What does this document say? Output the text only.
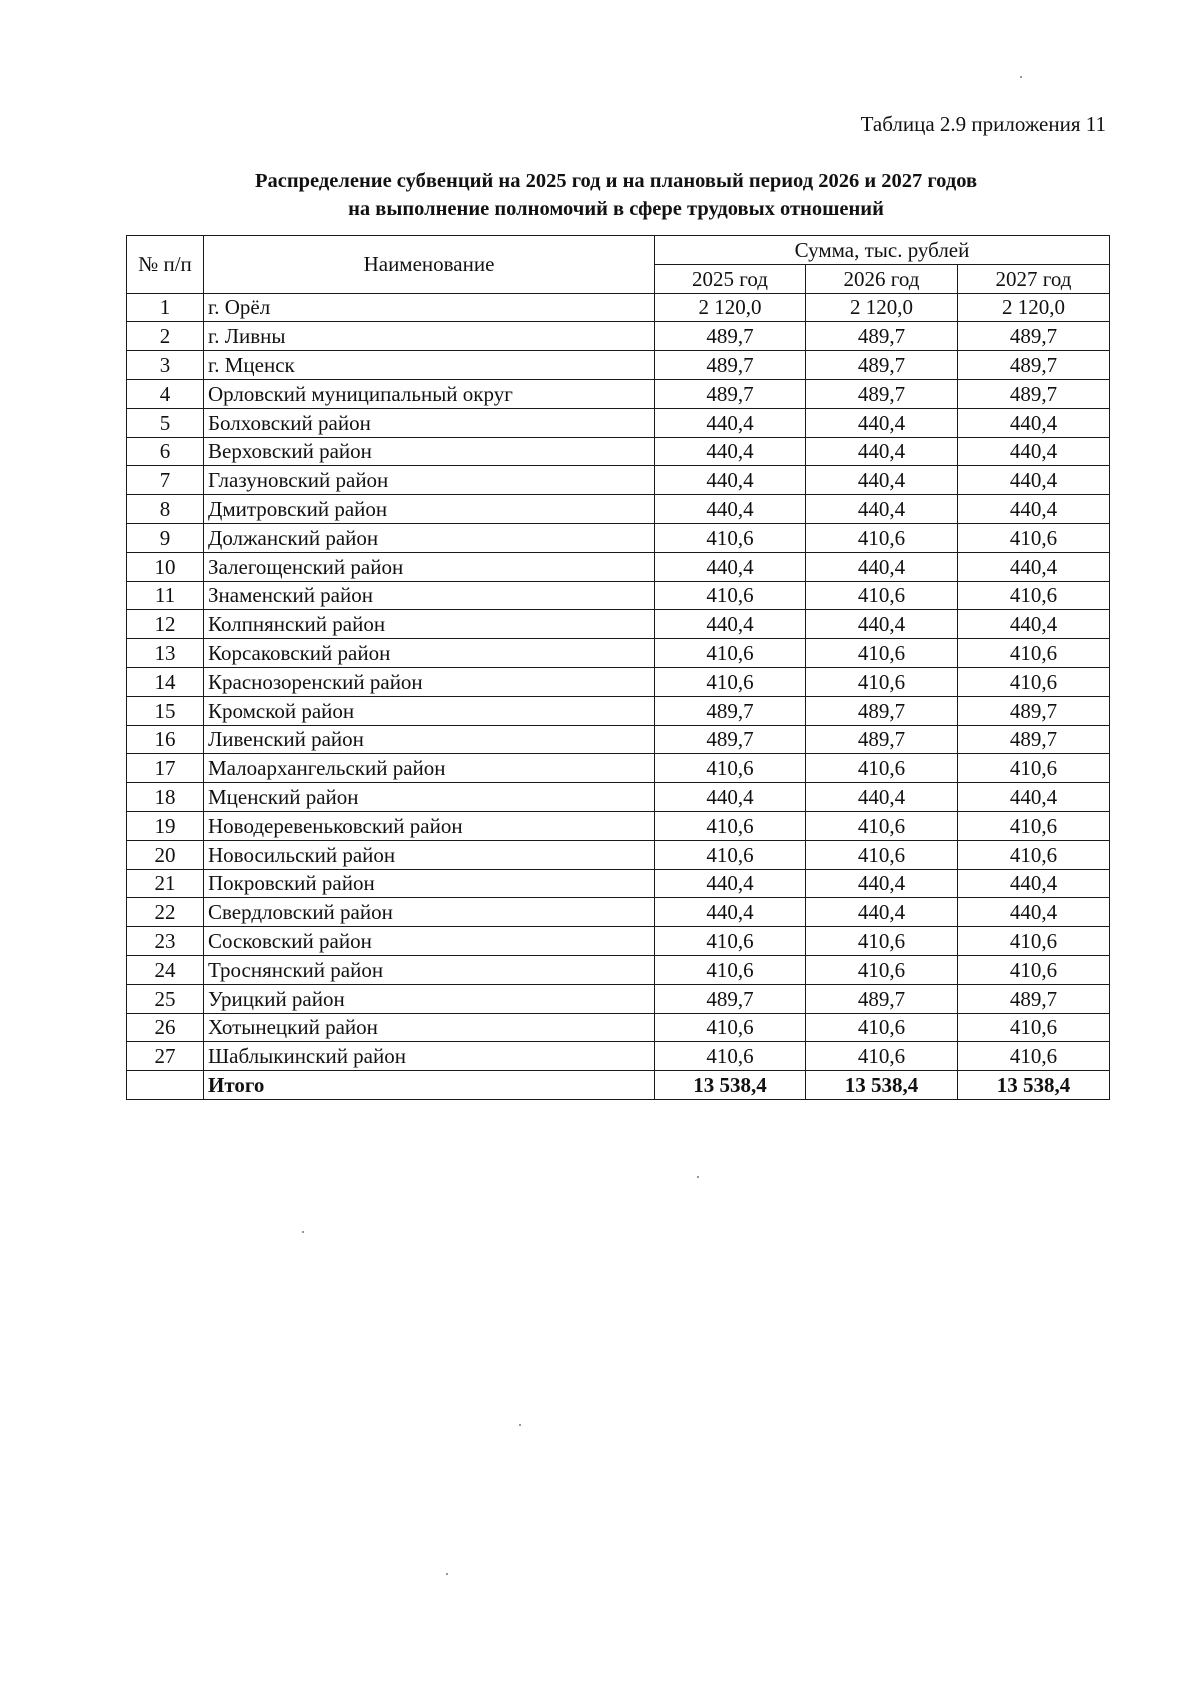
Таблица 2.9 приложения 11
Распределение субвенций на 2025 год и на плановый период 2026 и 2027 годов
на выполнение полномочий в сфере трудовых отношений
№ п/п	Наименование	Сумма, тыс. рублей		
		2025 год	2026 год	2027 год
1	г. Орёл	2 120,0	2 120,0	2 120,0
2	г. Ливны	489,7	489,7	489,7
3	г. Мценск	489,7	489,7	489,7
4	Орловский муниципальный округ	489,7	489,7	489,7
5	Болховский район	440,4	440,4	440,4
6	Верховский район	440,4	440,4	440,4
7	Глазуновский район	440,4	440,4	440,4
8	Дмитровский район	440,4	440,4	440,4
9	Должанский район	410,6	410,6	410,6
10	Залегощенский район	440,4	440,4	440,4
11	Знаменский район	410,6	410,6	410,6
12	Колпнянский район	440,4	440,4	440,4
13	Корсаковский район	410,6	410,6	410,6
14	Краснозоренский район	410,6	410,6	410,6
15	Кромской район	489,7	489,7	489,7
16	Ливенский район	489,7	489,7	489,7
17	Малоархангельский район	410,6	410,6	410,6
18	Мценский район	440,4	440,4	440,4
19	Новодеревеньковский район	410,6	410,6	410,6
20	Новосильский район	410,6	410,6	410,6
21	Покровский район	440,4	440,4	440,4
22	Свердловский район	440,4	440,4	440,4
23	Сосковский район	410,6	410,6	410,6
24	Троснянский район	410,6	410,6	410,6
25	Урицкий район	489,7	489,7	489,7
26	Хотынецкий район	410,6	410,6	410,6
27	Шаблыкинский район	410,6	410,6	410,6
	Итого	13 538,4	13 538,4	13 538,4
